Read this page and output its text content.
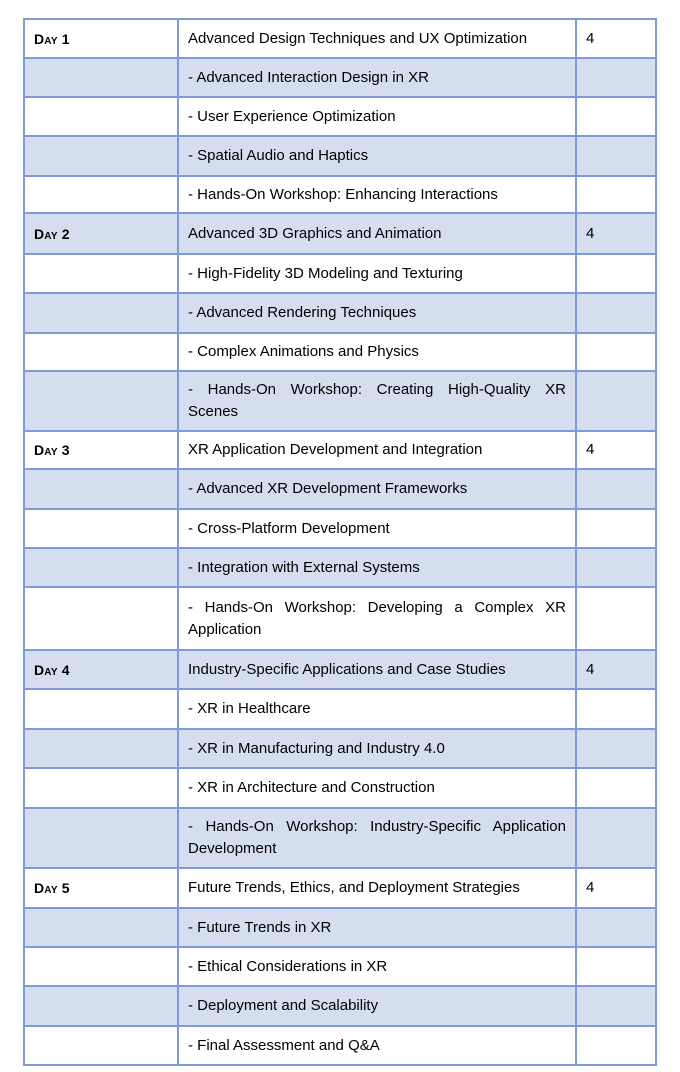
Day 1	Advanced Design Techniques and UX Optimization	4
	- Advanced Interaction Design in XR	
	- User Experience Optimization	
	- Spatial Audio and Haptics	
	- Hands-On Workshop: Enhancing Interactions	
Day 2	Advanced 3D Graphics and Animation	4
	- High-Fidelity 3D Modeling and Texturing	
	- Advanced Rendering Techniques	
	- Complex Animations and Physics	
	- Hands-On Workshop: Creating High-Quality XR Scenes	
Day 3	XR Application Development and Integration	4
	- Advanced XR Development Frameworks	
	- Cross-Platform Development	
	- Integration with External Systems	
	- Hands-On Workshop: Developing a Complex XR Application	
Day 4	Industry-Specific Applications and Case Studies	4
	- XR in Healthcare	
	- XR in Manufacturing and Industry 4.0	
	- XR in Architecture and Construction	
	- Hands-On Workshop: Industry-Specific Application Development	
Day 5	Future Trends, Ethics, and Deployment Strategies	4
	- Future Trends in XR	
	- Ethical Considerations in XR	
	- Deployment and Scalability	
	- Final Assessment and Q&A	
